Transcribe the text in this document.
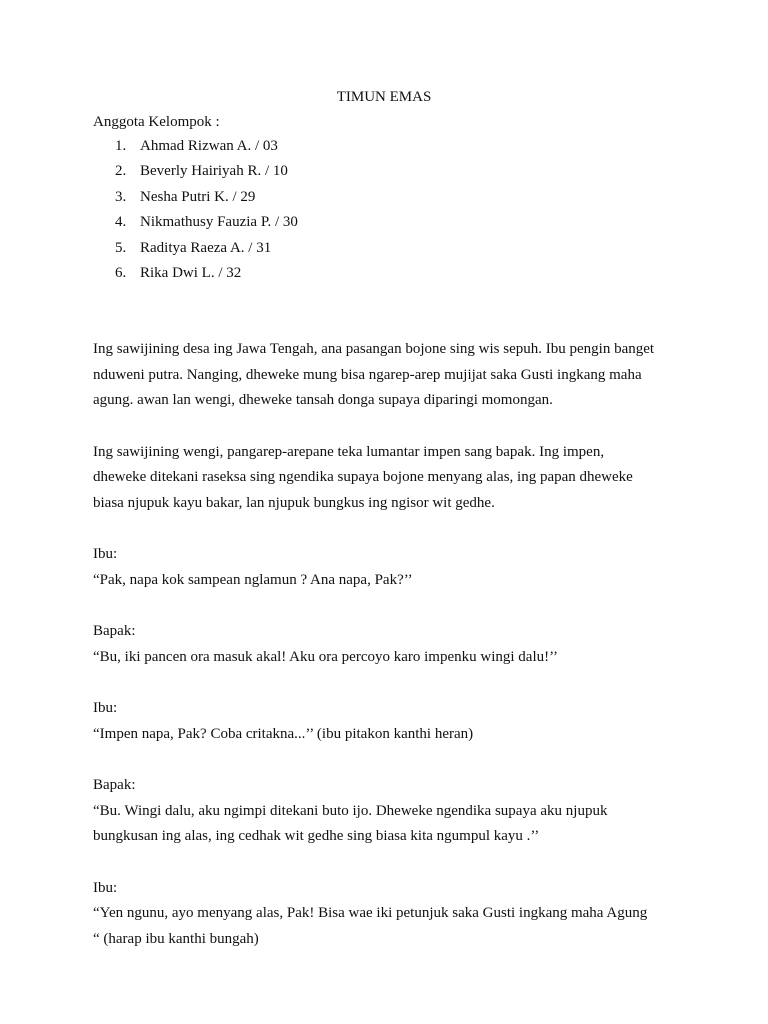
TIMUN EMAS
Anggota Kelompok :
1. Ahmad Rizwan A. / 03
2. Beverly Hairiyah R. / 10
3. Nesha Putri K. / 29
4. Nikmathusy Fauzia P. / 30
5. Raditya Raeza A. / 31
6. Rika Dwi L. / 32

Ing sawijining desa ing Jawa Tengah, ana pasangan bojone sing wis sepuh. Ibu pengin banget
nduweni putra. Nanging, dheweke mung bisa ngarep-arep mujijat saka Gusti ingkang maha
agung. awan lan wengi, dheweke tansah donga supaya diparingi momongan.

Ing sawijining wengi, pangarep-arepane teka lumantar impen sang bapak. Ing impen,
dheweke ditekani raseksa sing ngendika supaya bojone menyang alas, ing papan dheweke
biasa njupuk kayu bakar, lan njupuk bungkus ing ngisor wit gedhe.

Ibu:
“Pak, napa kok sampean nglamun ? Ana napa, Pak?’’
Bapak:
“Bu, iki pancen ora masuk akal! Aku ora percoyo karo impenku wingi dalu!’’
Ibu:
“Impen napa, Pak? Coba critakna...’’ (ibu pitakon kanthi heran)
Bapak:
“Bu. Wingi dalu, aku ngimpi ditekani buto ijo. Dheweke ngendika supaya aku njupuk
bungkusan ing alas, ing cedhak wit gedhe sing biasa kita ngumpul kayu .’’
Ibu:
“Yen ngunu, ayo menyang alas, Pak! Bisa wae iki petunjuk saka Gusti ingkang maha Agung
“ (harap ibu kanthi bungah)
